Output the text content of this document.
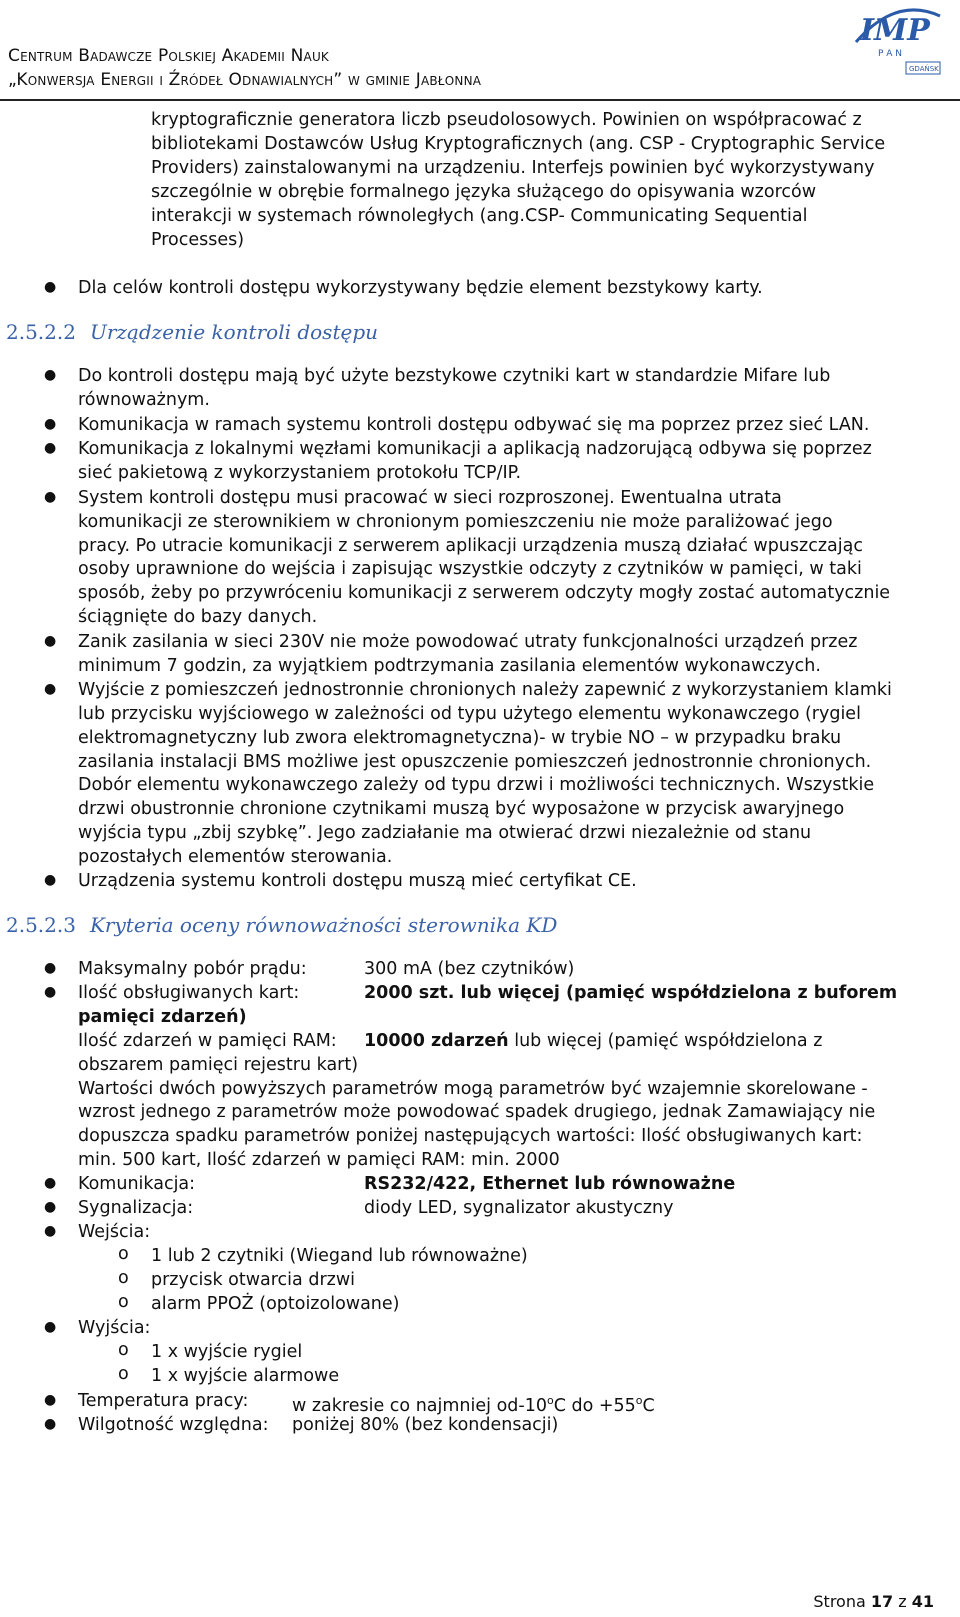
Centrum Badawcze Polskiej Akademii Nauk
„Konwersja Energii i Źródeł Odnawialnych” w gminie Jabłonna
IMP
P A N
GDAŃSK
kryptograficznie generatora liczb pseudolosowych. Powinien on współpracować z
bibliotekami Dostawców Usług Kryptograficznych (ang. CSP - Cryptographic Service
Providers) zainstalowanymi na urządzeniu. Interfejs powinien być wykorzystywany
szczególnie w obrębie formalnego języka służącego do opisywania wzorców
interakcji w systemach równoległych (ang.CSP- Communicating Sequential
Processes)
● Dla celów kontroli dostępu wykorzystywany będzie element bezstykowy karty.
2.5.2.2 Urządzenie kontroli dostępu
● Do kontroli dostępu mają być użyte bezstykowe czytniki kart w standardzie Mifare lub
równoważnym.
● Komunikacja w ramach systemu kontroli dostępu odbywać się ma poprzez przez sieć LAN.
● Komunikacja z lokalnymi węzłami komunikacji a aplikacją nadzorującą odbywa się poprzez
sieć pakietową z wykorzystaniem protokołu TCP/IP.
● System kontroli dostępu musi pracować w sieci rozproszonej. Ewentualna utrata
komunikacji ze sterownikiem w chronionym pomieszczeniu nie może paraliżować jego
pracy. Po utracie komunikacji z serwerem aplikacji urządzenia muszą działać wpuszczając
osoby uprawnione do wejścia i zapisując wszystkie odczyty z czytników w pamięci, w taki
sposób, żeby po przywróceniu komunikacji z serwerem odczyty mogły zostać automatycznie
ściągnięte do bazy danych.
● Zanik zasilania w sieci 230V nie może powodować utraty funkcjonalności urządzeń przez
minimum 7 godzin, za wyjątkiem podtrzymania zasilania elementów wykonawczych.
● Wyjście z pomieszczeń jednostronnie chronionych należy zapewnić z wykorzystaniem klamki
lub przycisku wyjściowego w zależności od typu użytego elementu wykonawczego (rygiel
elektromagnetyczny lub zwora elektromagnetyczna)- w trybie NO – w przypadku braku
zasilania instalacji BMS możliwe jest opuszczenie pomieszczeń jednostronnie chronionych.
Dobór elementu wykonawczego zależy od typu drzwi i możliwości technicznych. Wszystkie
drzwi obustronnie chronione czytnikami muszą być wyposażone w przycisk awaryjnego
wyjścia typu „zbij szybkę”. Jego zadziałanie ma otwierać drzwi niezależnie od stanu
pozostałych elementów sterowania.
● Urządzenia systemu kontroli dostępu muszą mieć certyfikat CE.
2.5.2.3 Kryteria oceny równoważności sterownika KD
● Maksymalny pobór prądu:	300 mA (bez czytników)
● Ilość obsługiwanych kart:	2000 szt. lub więcej (pamięć współdzielona z buforem
pamięci zdarzeń)
Ilość zdarzeń w pamięci RAM: 10000 zdarzeń lub więcej (pamięć współdzielona z
obszarem pamięci rejestru kart)
Wartości dwóch powyższych parametrów mogą parametrów być wzajemnie skorelowane -
wzrost jednego z parametrów może powodować spadek drugiego, jednak Zamawiający nie
dopuszcza spadku parametrów poniżej następujących wartości: Ilość obsługiwanych kart:
min. 500 kart, Ilość zdarzeń w pamięci RAM: min. 2000
● Komunikacja:	RS232/422, Ethernet lub równoważne
● Sygnalizacja:	diody LED, sygnalizator akustyczny
● Wejścia:
o 1 lub 2 czytniki (Wiegand lub równoważne)
o przycisk otwarcia drzwi
o alarm PPOŻ (optoizolowane)
● Wyjścia:
o 1 x wyjście rygiel
o 1 x wyjście alarmowe
● Temperatura pracy: w zakresie co najmniej od-10$^o$C do $+55^oC$
● Wilgotność względna: poniżej 80% (bez kondensacji)
Strona 17 z 41
